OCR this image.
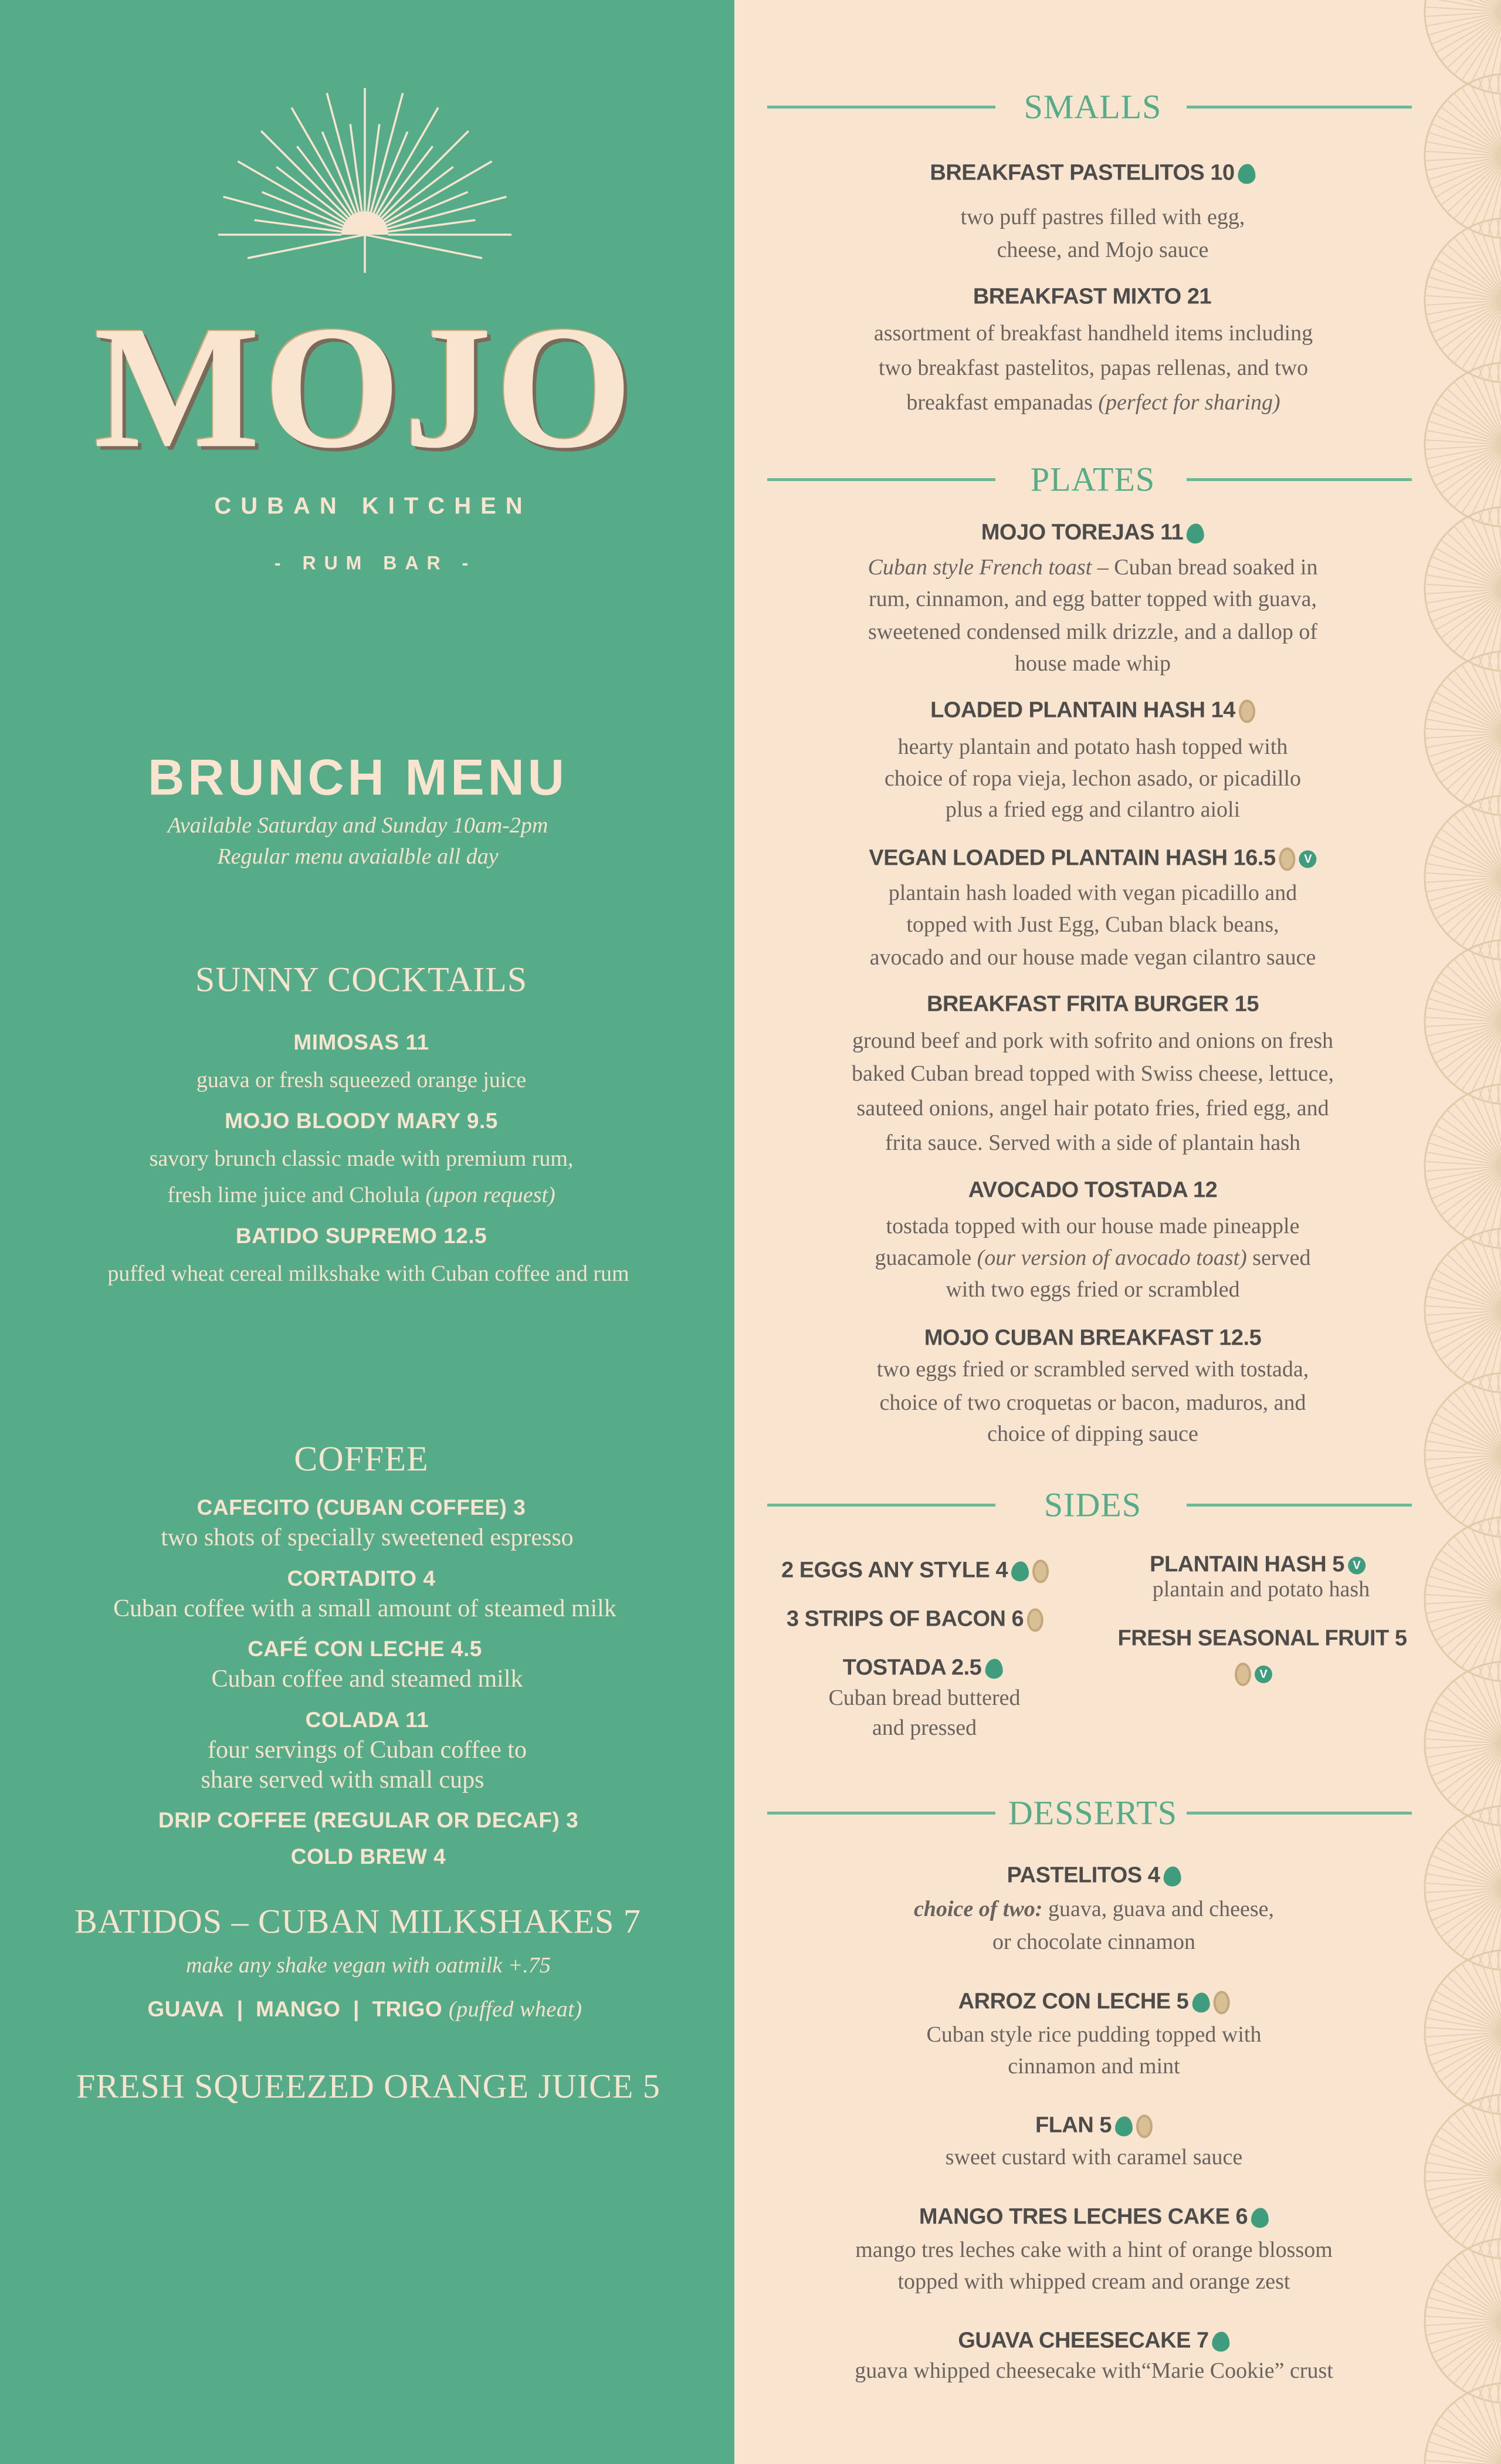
MOJO
CUBAN KITCHEN
- RUM BAR -
BRUNCH MENU
Available Saturday and Sunday 10am-2pm
Regular menu avaialble all day
SUNNY COCKTAILS
MIMOSAS 11
guava or fresh squeezed orange juice
MOJO BLOODY MARY 9.5
savory brunch classic made with premium rum,
fresh lime juice and Cholula (upon request)
BATIDO SUPREMO 12.5
puffed wheat cereal milkshake with Cuban coffee and rum
COFFEE
CAFECITO (CUBAN COFFEE) 3
two shots of specially sweetened espresso
CORTADITO 4
Cuban coffee with a small amount of steamed milk
CAFÉ CON LECHE 4.5
Cuban coffee and steamed milk
COLADA 11
four servings of Cuban coffee to
share served with small cups
DRIP COFFEE (REGULAR OR DECAF) 3
COLD BREW 4
BATIDOS – CUBAN MILKSHAKES 7
make any shake vegan with oatmilk +.75
GUAVA | MANGO | TRIGO (puffed wheat)
FRESH SQUEEZED ORANGE JUICE 5
SMALLS
BREAKFAST PASTELITOS 10
two puff pastres filled with egg,
cheese, and Mojo sauce
BREAKFAST MIXTO 21
assortment of breakfast handheld items including
two breakfast pastelitos, papas rellenas, and two
breakfast empanadas (perfect for sharing)
PLATES
MOJO TOREJAS 11
Cuban style French toast – Cuban bread soaked in
rum, cinnamon, and egg batter topped with guava,
sweetened condensed milk drizzle, and a dallop of
house made whip
LOADED PLANTAIN HASH 14
hearty plantain and potato hash topped with
choice of ropa vieja, lechon asado, or picadillo
plus a fried egg and cilantro aioli
VEGAN LOADED PLANTAIN HASH 16.5 V
plantain hash loaded with vegan picadillo and
topped with Just Egg, Cuban black beans,
avocado and our house made vegan cilantro sauce
BREAKFAST FRITA BURGER 15
ground beef and pork with sofrito and onions on fresh
baked Cuban bread topped with Swiss cheese, lettuce,
sauteed onions, angel hair potato fries, fried egg, and
frita sauce. Served with a side of plantain hash
AVOCADO TOSTADA 12
tostada topped with our house made pineapple
guacamole (our version of avocado toast) served
with two eggs fried or scrambled
MOJO CUBAN BREAKFAST 12.5
two eggs fried or scrambled served with tostada,
choice of two croquetas or bacon, maduros, and
choice of dipping sauce
SIDES
2 EGGS ANY STYLE 4
3 STRIPS OF BACON 6
TOSTADA 2.5
Cuban bread buttered
and pressed
PLANTAIN HASH 5 V
plantain and potato hash
FRESH SEASONAL FRUIT 5
V
DESSERTS
PASTELITOS 4
choice of two: guava, guava and cheese,
or chocolate cinnamon
ARROZ CON LECHE 5
Cuban style rice pudding topped with
cinnamon and mint
FLAN 5
sweet custard with caramel sauce
MANGO TRES LECHES CAKE 6
mango tres leches cake with a hint of orange blossom
topped with whipped cream and orange zest
GUAVA CHEESECAKE 7
guava whipped cheesecake with“Marie Cookie” crust
